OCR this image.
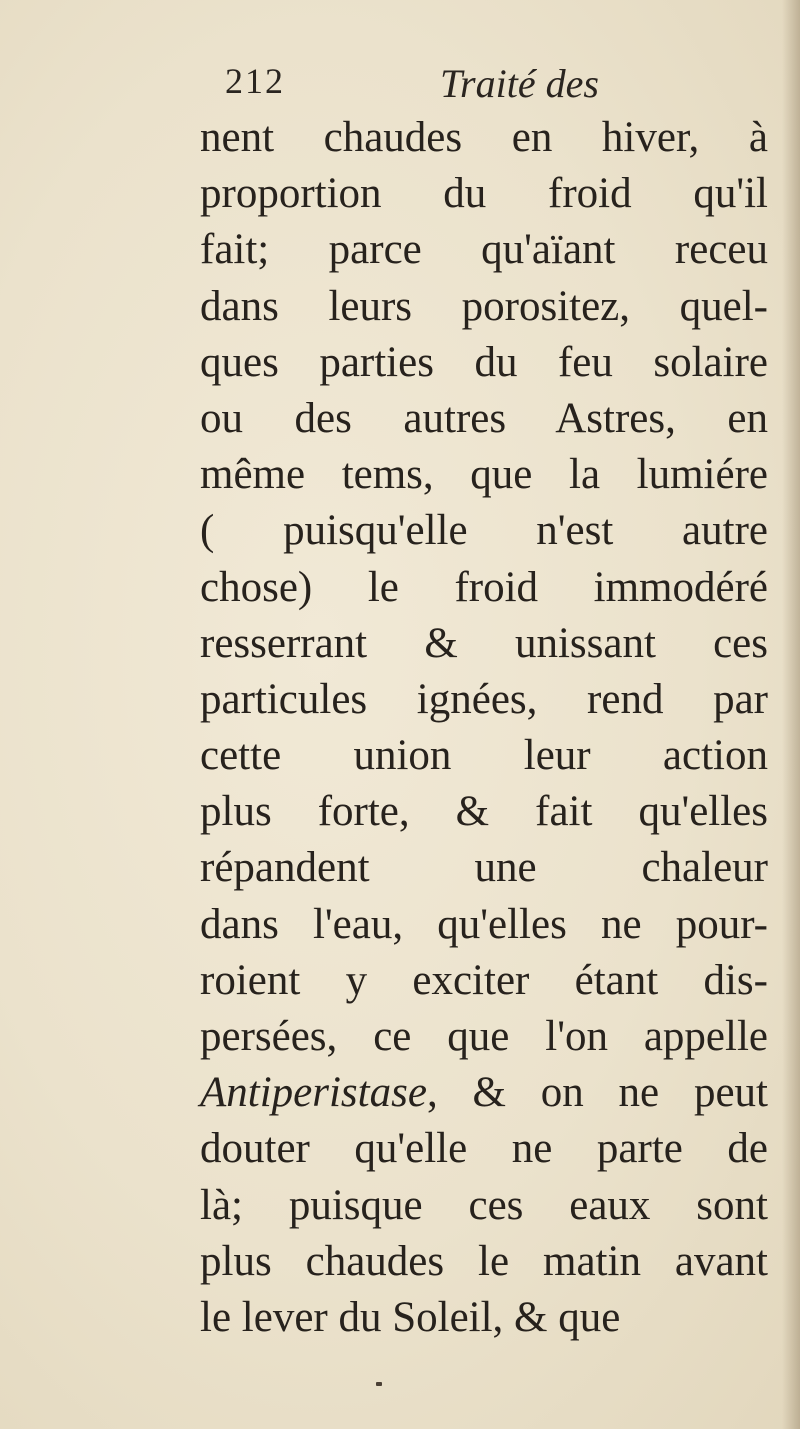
212	Traité des
nent chaudes en hiver, à
proportion du froid qu'il
fait; parce qu'aïant receu
dans leurs porositez, quel-
ques parties du feu solaire
ou des autres Astres, en
même tems, que la lumiére
( puisqu'elle n'est autre
chose) le froid immodéré
resserrant & unissant ces
particules ignées, rend par
cette union leur action
plus forte, & fait qu'elles
répandent une chaleur
dans l'eau, qu'elles ne pour-
roient y exciter étant dis-
persées, ce que l'on appelle
Antiperistase, & on ne peut
douter qu'elle ne parte de
là; puisque ces eaux sont
plus chaudes le matin avant
le lever du Soleil, & que
